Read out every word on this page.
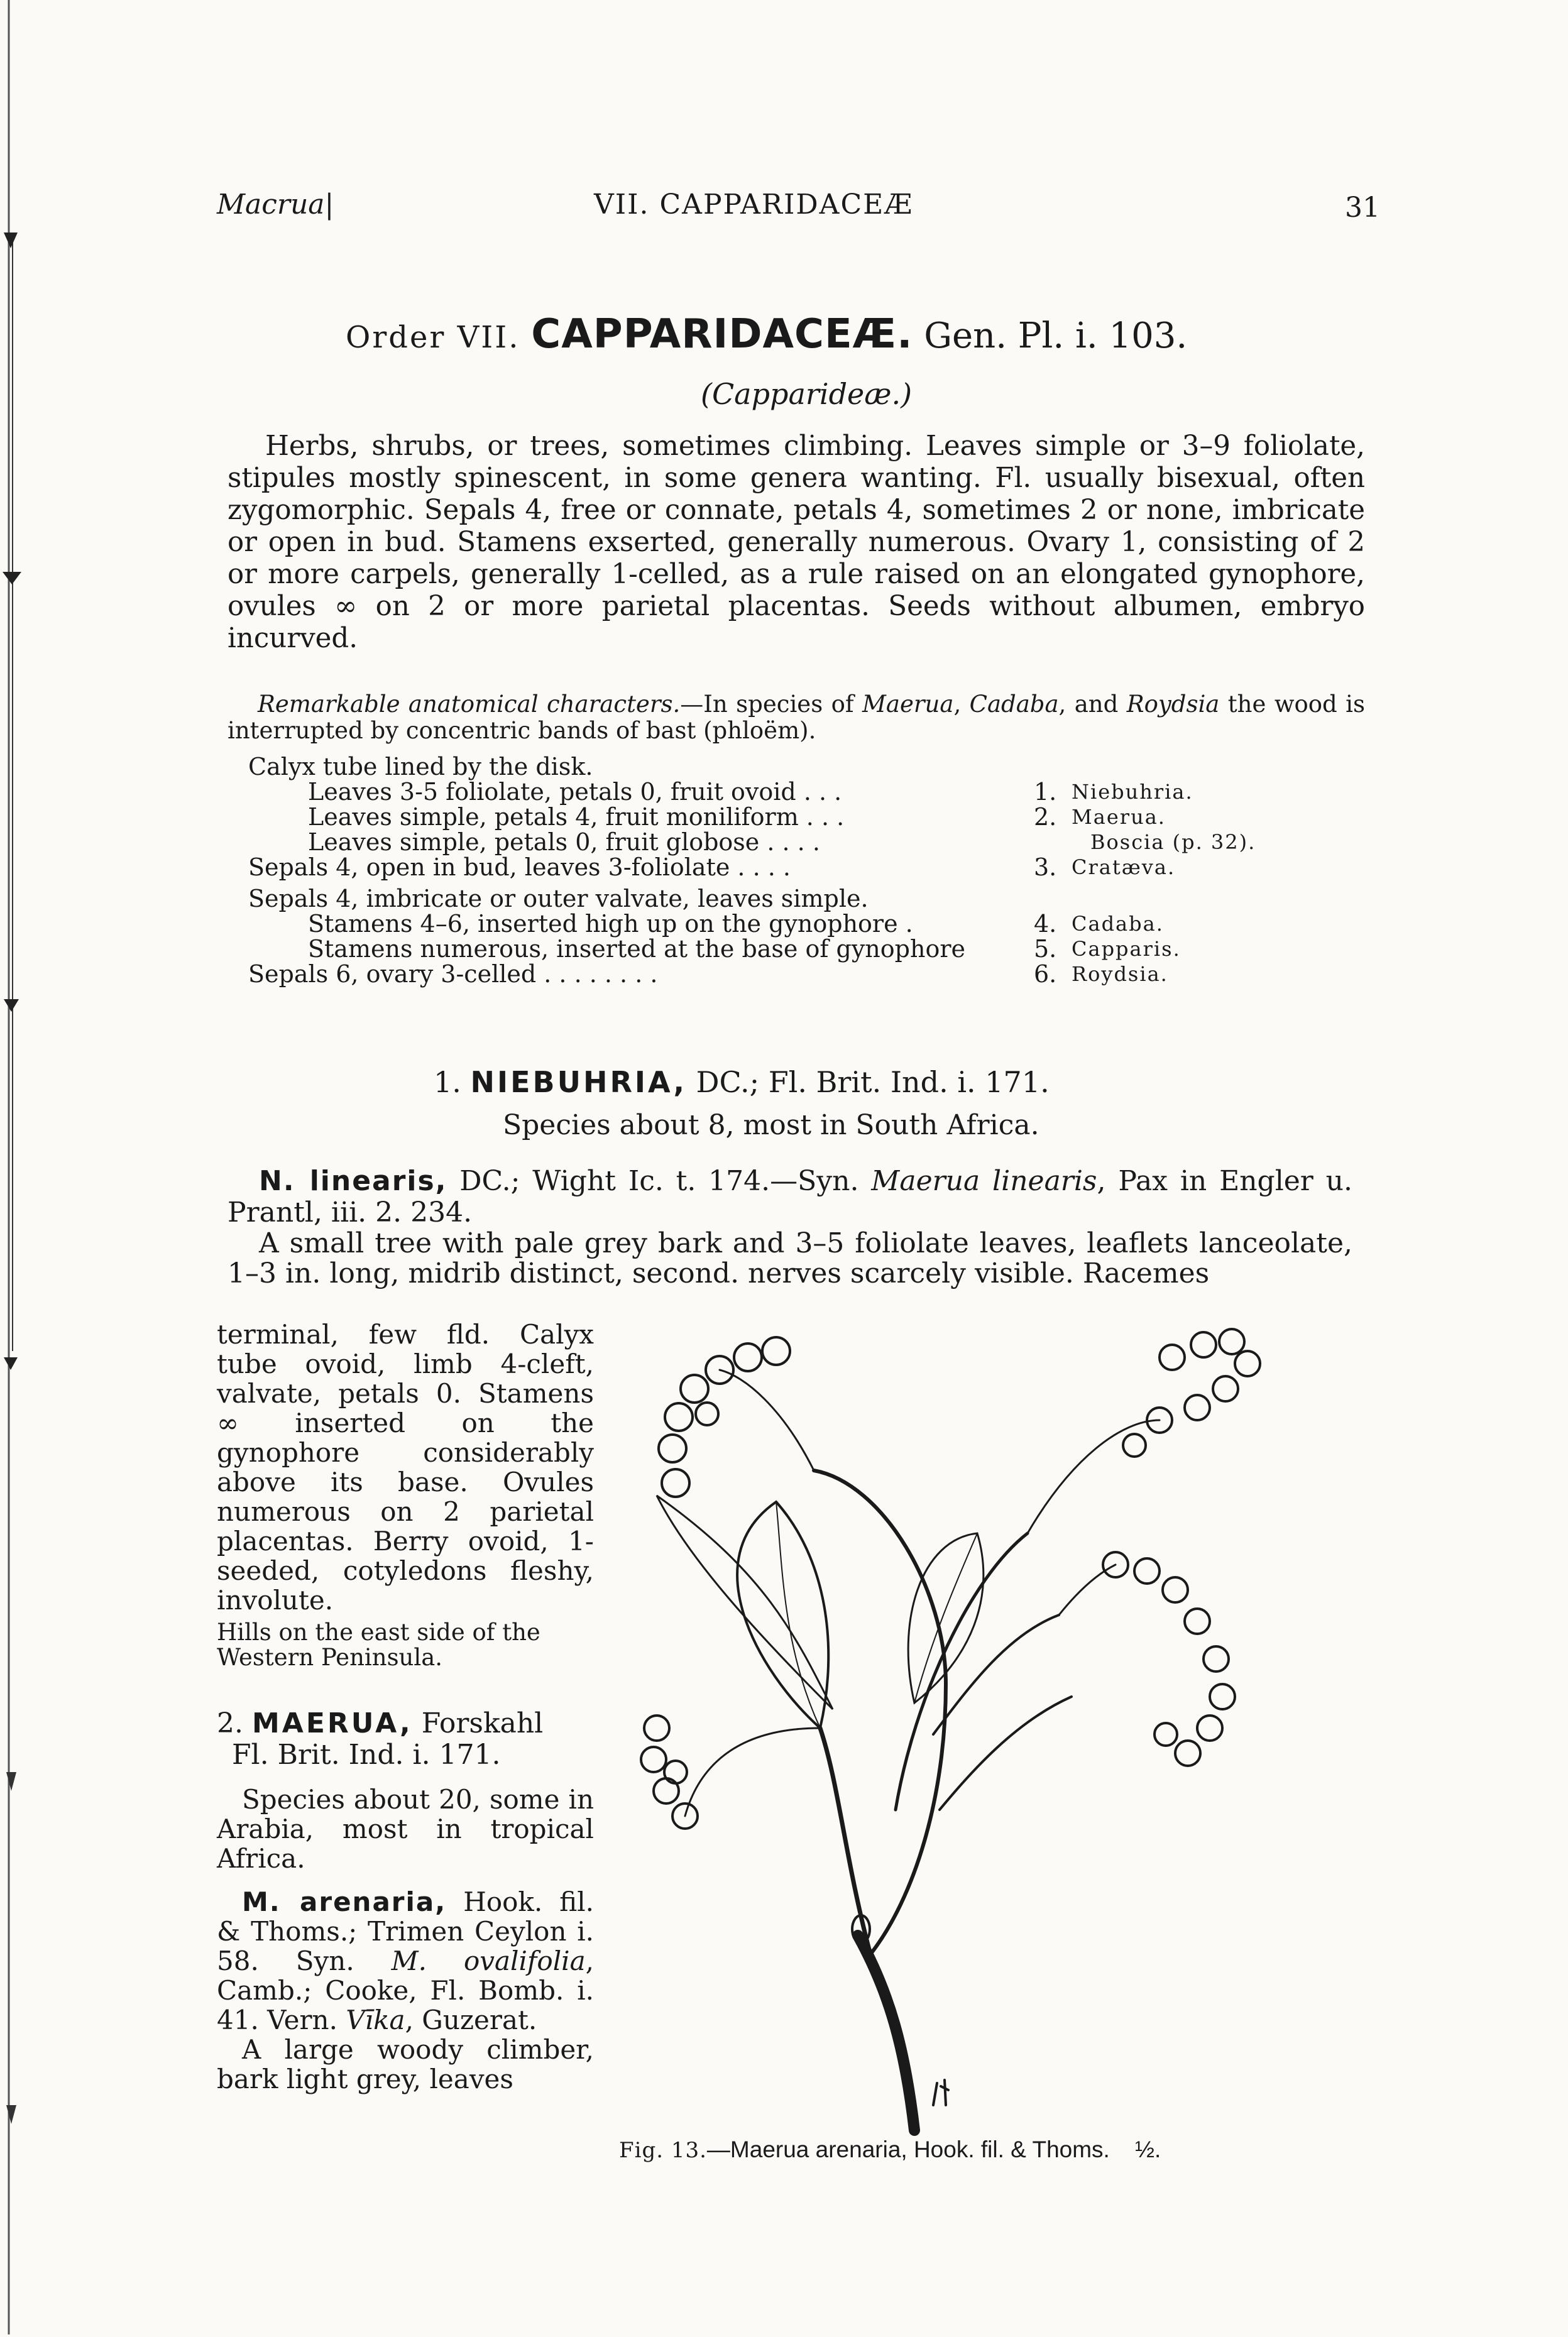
Macrua|	VII. CAPPARIDACEÆ	31
Order VII. CAPPARIDACEÆ. Gen. Pl. i. 103.
(Capparideæ.)
Herbs, shrubs, or trees, sometimes climbing. Leaves simple or 3–9 foliolate, stipules mostly spinescent, in some genera wanting. Fl. usually bisexual, often zygomorphic. Sepals 4, free or connate, petals 4, sometimes 2 or none, imbricate or open in bud. Stamens exserted, generally numerous. Ovary 1, consisting of 2 or more carpels, generally 1-celled, as a rule raised on an elongated gynophore, ovules ∞ on 2 or more parietal placentas. Seeds without albumen, embryo incurved.
Remarkable anatomical characters.—In species of Maerua, Cadaba, and Roydsia the wood is interrupted by concentric bands of bast (phloëm).
Calyx tube lined by the disk.
Leaves 3-5 foliolate, petals 0, fruit ovoid . . .	1. Niebuhria.
Leaves simple, petals 4, fruit moniliform . . .	2. Maerua.
Leaves simple, petals 0, fruit globose . . . .	Boscia (p. 32).
Sepals 4, open in bud, leaves 3-foliolate . . . .	3. Cratæva.
Sepals 4, imbricate or outer valvate, leaves simple.
Stamens 4–6, inserted high up on the gynophore .	4. Cadaba.
Stamens numerous, inserted at the base of gynophore	5. Capparis.
Sepals 6, ovary 3-celled . . . . . . . .	6. Roydsia.
1. NIEBUHRIA, DC.; Fl. Brit. Ind. i. 171.
Species about 8, most in South Africa.
N. linearis, DC.; Wight Ic. t. 174.—Syn. Maerua linearis, Pax in Engler u. Prantl, iii. 2. 234.
A small tree with pale grey bark and 3–5 foliolate leaves, leaflets lanceolate, 1–3 in. long, midrib distinct, second. nerves scarcely visible. Racemes

terminal, few fld. Calyx tube ovoid, limb 4-cleft, valvate, petals 0. Stamens ∞ inserted on the gynophore considerably above its base. Ovules numerous on 2 parietal placentas. Berry ovoid, 1-seeded, cotyledons fleshy, involute.

Hills on the east side of the Western Peninsula.

2. MAERUA, Forskahl
Fl. Brit. Ind. i. 171.

Species about 20, some in Arabia, most in tropical Africa.

M. arenaria, Hook. fil. & Thoms.; Trimen Ceylon i. 58. Syn. M. ovalifolia, Camb.; Cooke, Fl. Bomb. i. 41. Vern. Vīka, Guzerat.

A large woody climber, bark light grey, leaves

Fig. 13.—Maerua arenaria, Hook. fil. & Thoms. ½.
